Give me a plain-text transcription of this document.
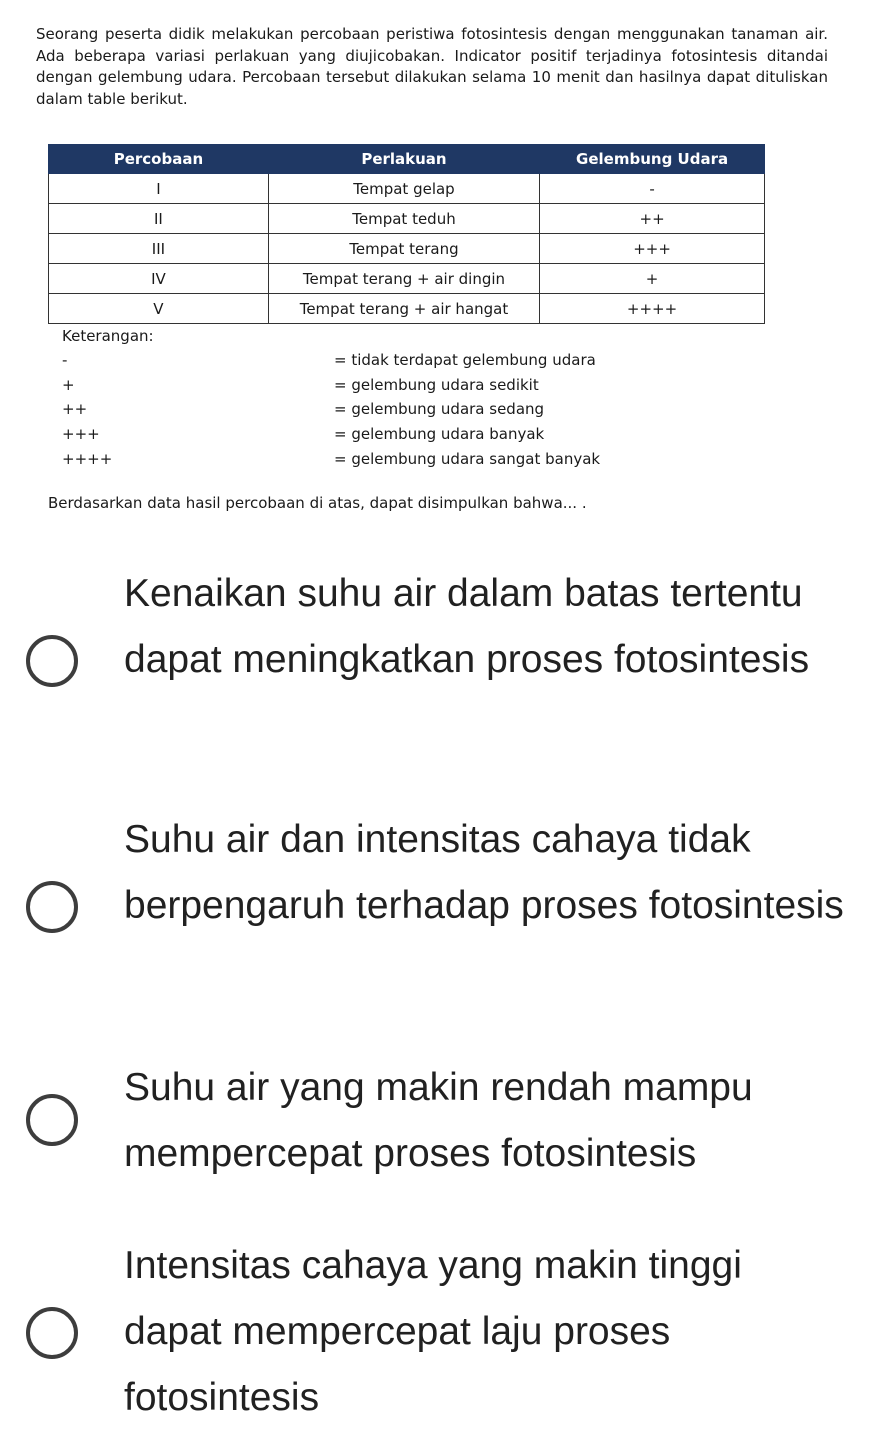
Seorang peserta didik melakukan percobaan peristiwa fotosintesis dengan menggunakan tanaman air. Ada beberapa variasi perlakuan yang diujicobakan. Indicator positif terjadinya fotosintesis ditandai dengan gelembung udara. Percobaan tersebut dilakukan selama 10 menit dan hasilnya dapat dituliskan dalam table berikut.

Percobaan	Perlakuan	Gelembung Udara
I	Tempat gelap	-
II	Tempat teduh	++
III	Tempat terang	+++
IV	Tempat terang + air dingin	+
V	Tempat terang + air hangat	++++

Keterangan:

-	= tidak terdapat gelembung udara
+	= gelembung udara sedikit
++	= gelembung udara sedang
+++	= gelembung udara banyak
++++	= gelembung udara sangat banyak

Berdasarkan data hasil percobaan di atas, dapat disimpulkan bahwa... .

Kenaikan suhu air dalam batas tertentu dapat meningkatkan proses fotosintesis

Suhu air dan intensitas cahaya tidak berpengaruh terhadap proses fotosintesis

Suhu air yang makin rendah mampu mempercepat proses fotosintesis

Intensitas cahaya yang makin tinggi dapat mempercepat laju proses fotosintesis
